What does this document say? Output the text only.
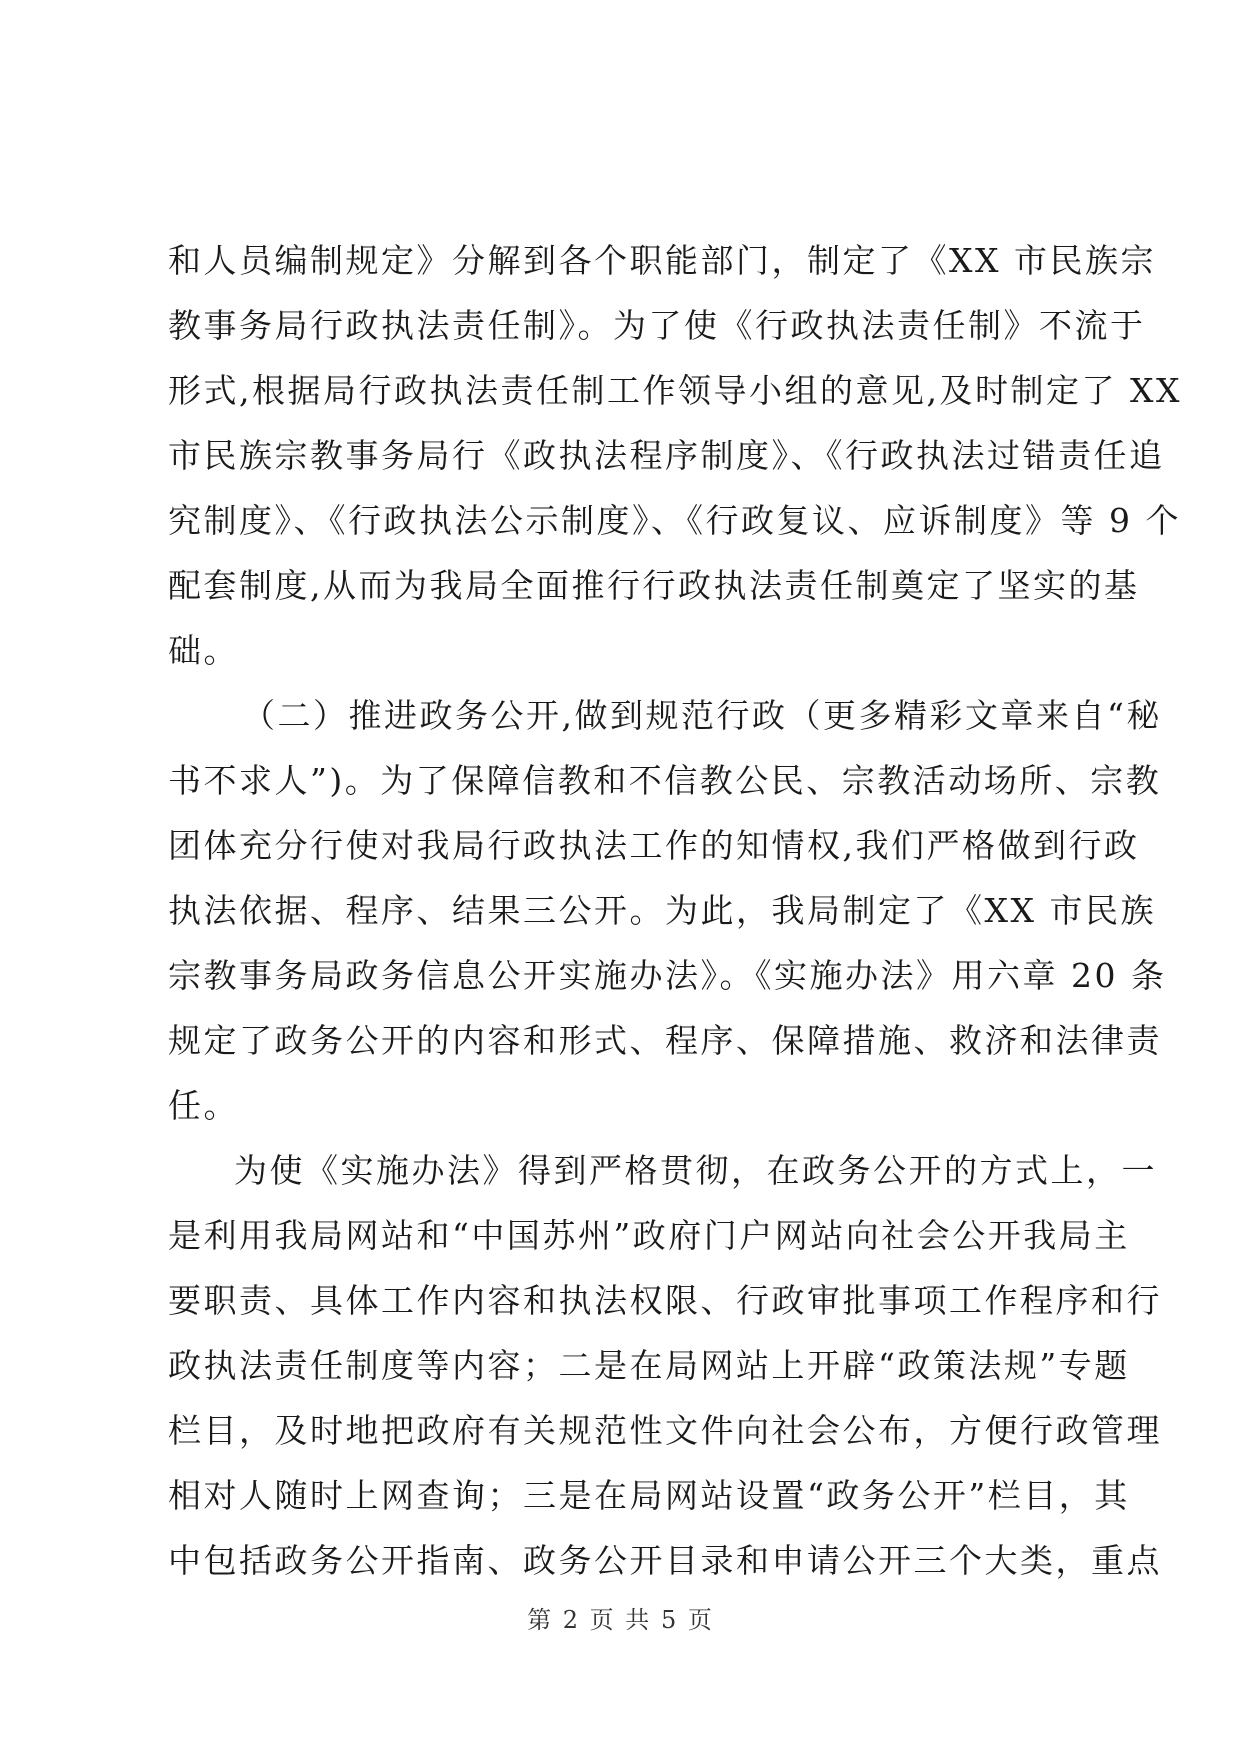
和人员编制规定》分解到各个职能部门，制定了《XX 市民族宗
教事务局行政执法责任制》。为了使《行政执法责任制》不流于
形式,根据局行政执法责任制工作领导小组的意见,及时制定了 XX
市民族宗教事务局行《政执法程序制度》、《行政执法过错责任追
究制度》、《行政执法公示制度》、《行政复议、应诉制度》等 9 个
配套制度,从而为我局全面推行行政执法责任制奠定了坚实的基
础。
（二）推进政务公开,做到规范行政（更多精彩文章来自“秘
书不求人”)。为了保障信教和不信教公民、宗教活动场所、宗教
团体充分行使对我局行政执法工作的知情权,我们严格做到行政
执法依据、程序、结果三公开。为此，我局制定了《XX 市民族
宗教事务局政务信息公开实施办法》。《实施办法》用六章 20 条
规定了政务公开的内容和形式、程序、保障措施、救济和法律责
任。
为使《实施办法》得到严格贯彻，在政务公开的方式上，一
是利用我局网站和“中国苏州”政府门户网站向社会公开我局主
要职责、具体工作内容和执法权限、行政审批事项工作程序和行
政执法责任制度等内容；二是在局网站上开辟“政策法规”专题
栏目，及时地把政府有关规范性文件向社会公布，方便行政管理
相对人随时上网查询；三是在局网站设置“政务公开”栏目，其
中包括政务公开指南、政务公开目录和申请公开三个大类，重点
第 2 页 共 5 页
